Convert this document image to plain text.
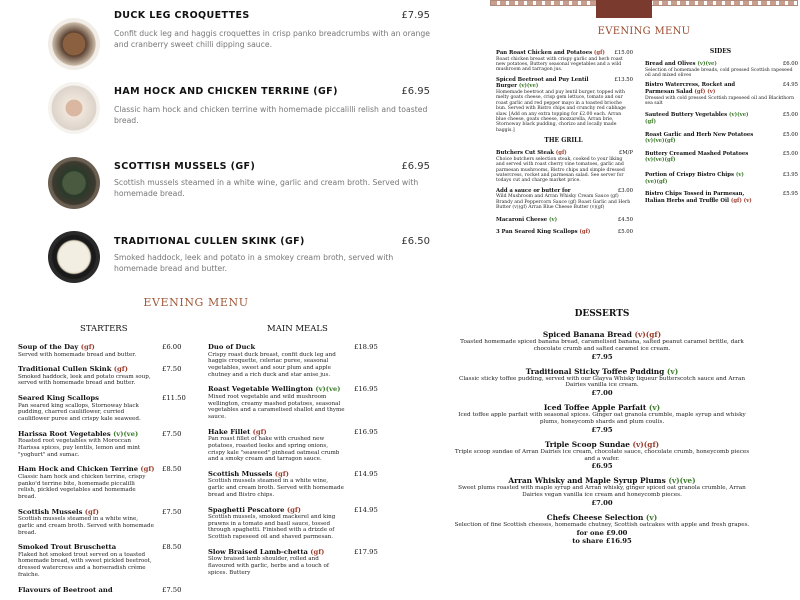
DUCK LEG CROQUETTES	£7.95
Confit duck leg and haggis croquettes in crisp panko breadcrumbs with an orange and cranberry sweet chilli dipping sauce.
HAM HOCK AND CHICKEN TERRINE (GF)	£6.95
Classic ham hock and chicken terrine with homemade piccalilli relish and toasted bread.
SCOTTISH MUSSELS (GF)	£6.95
Scottish mussels steamed in a white wine, garlic and cream broth. Served with homemade bread.
TRADITIONAL CULLEN SKINK (GF)	£6.50
Smoked haddock, leek and potato in a smokey cream broth, served with homemade bread and butter.
EVENING MENU
Pan Roast Chicken and Potatoes (gf) £15.00
Roast chicken breast with crispy garlic and herb roast new potatoes, Buttery seasonal vegetables and a wild mushroom and tarragon jus.
Spiced Beetroot and Puy Lentil Burger (v)(ve)
£13.50
Homemade beetroot and puy lentil burger, topped with melty goats cheese, crisp gem lettuce, tomato and our roast garlic and red pepper mayo in a toasted brioche bun. Served with Bistro chips and crunchy red cabbage slaw. [Add on any extra topping for £2.00 each. Arran blue cheese, goats cheese, mozzarella, Arran brie, Stornoway black pudding, chorizo and locally made haggis.]
THE GRILL
Butchers Cut Steak (gf)	£M/P
Choice butchers selection steak, cooked to your liking and served with roast cherry vine tomatoes, garlic and parmesan mushrooms, Bistro chips and simple dressed watercress, rocket and parmesan salad. See server for todays cut and charge market price.
Add a sauce or butter for	£3.00
Wild Mushroom and Arran Whisky Cream Sauce (gf) Brandy and Peppercorn Sauce (gf) Roast Garlic and Herb Butter (v)(gf) Arran Blue Cheese Butter (v)(gf)
Macaroni Cheese (v)	£4.50
3 Pan Seared King Scallops (gf)	£5.00
SIDES
Bread and Olives (v)(ve)	£6.00
Selection of homemade breads, cold pressed Scottish rapeseed oil and mixed olives
Bistro Watercress, Rocket and Parmesan Salad (gf) (v)
£4.95
Dressed with cold pressed Scottish rapeseed oil and Blackthorn sea salt
Sauteed Buttery Vegetables (v)(ve)(gf)
£5.00
Roast Garlic and Herb New Potatoes (v)(ve)(gf)
£5.00
Buttery Creamed Mashed Potatoes (v)(ve)(gf)
£5.00
Portion of Crispy Bistro Chips (v)(ve)(gf)
£3.95
Bistro Chips Tossed in Parmesan, Italian Herbs and Truffle Oil (gf) (v)
£5.95
EVENING MENU
STARTERS	MAIN MEALS
Soup of the Day (gf)	£6.00
Served with homemade bread and butter.
Traditional Cullen Skink (gf)	£7.50
Smoked haddock, leek and potato cream soup, served with homemade bread and butter.
Seared King Scallops	£11.50
Pan seared king scallops, Stornoway black pudding, charred cauliflower, curried cauliflower puree and crispy kale seaweed.
Harissa Root Vegetables (v)(ve)	£7.50
Roasted root vegetables with Moroccan Harissa spices, puy lentils, lemon and mint "yoghurt" and sumac.
Ham Hock and Chicken Terrine (gf)	£8.50
Classic ham hock and chicken terrine, crispy panko'd terrine bite, homemade piccalilli relish, pickled vegetables and homemade bread.
Scottish Mussels (gf)	£7.50
Scottish mussels steamed in a white wine, garlic and cream broth. Served with homemade bread.
Smoked Trout Bruschetta	£8.50
Flaked hot smoked trout served on a toasted homemade bread, with sweet pickled beetroot, dressed watercress and a horseradish crème fraiche.
Flavours of Beetroot and	£7.50
Duo of Duck	£18.95
Crispy roast duck breast, confit duck leg and haggis croquette, celeriac puree, seasonal vegetables, sweet and sour plum and apple chutney and a rich duck and star anise jus.
Roast Vegetable Wellington (v)(ve)	£16.95
Mixed root vegetable and wild mushroom wellington, creamy mashed potatoes, seasonal vegetables and a caramelised shallot and thyme sauce.
Hake Fillet (gf)	£16.95
Pan roast fillet of hake with crushed new potatoes, roasted leeks and spring onions, crispy kale "seaweed" pinhead oatmeal crumb and a smoky cream and tarragon sauce.
Scottish Mussels (gf)	£14.95
Scottish mussels steamed in a white wine, garlic and cream broth. Served with homemade bread and Bistro chips.
Spaghetti Pescatore (gf)	£14.95
Scottish mussels, smoked mackerel and king prawns in a tomato and basil sauce, tossed through spaghetti. Finished with a drizzle of Scottish rapeseed oil and shaved parmesan.
Slow Braised Lamb-chetta (gf)	£17.95
Slow braised lamb shoulder, rolled and flavoured with garlic, herbs and a touch of spices. Buttery
DESSERTS
Spiced Banana Bread (v)(gf)
Toasted homemade spiced banana bread, caramelised banana, salted peanut caramel brittle, dark chocolate crumb and salted caramel ice cream.
£7.95
Traditional Sticky Toffee Pudding (v)
Classic sticky toffee pudding, served with our Glayva Whisky liqueur butterscotch sauce and Arran Dairies vanilla ice cream.
£7.00
Iced Toffee Apple Parfait (v)
Iced toffee apple parfait with seasonal spices. Ginger oat granola crumble, maple syrup and whisky plums, honeycomb shards and plum coulis.
£7.95
Triple Scoop Sundae (v)(gf)
Triple scoop sundae of Arran Dairies ice cream, chocolate sauce, chocolate crumb, honeycomb pieces and a wafer.
£6.95
Arran Whisky and Maple Syrup Plums (v)(ve)
Sweet plums roasted with maple syrup and Arran whisky, ginger spiced oat granola crumble, Arran Dairies vegan vanilla ice cream and honeycomb pieces.
£7.00
Chefs Cheese Selection (v)
Selection of fine Scottish cheeses, homemade chutney, Scottish oatcakes with apple and fresh grapes.
for one £9.00
to share £16.95
